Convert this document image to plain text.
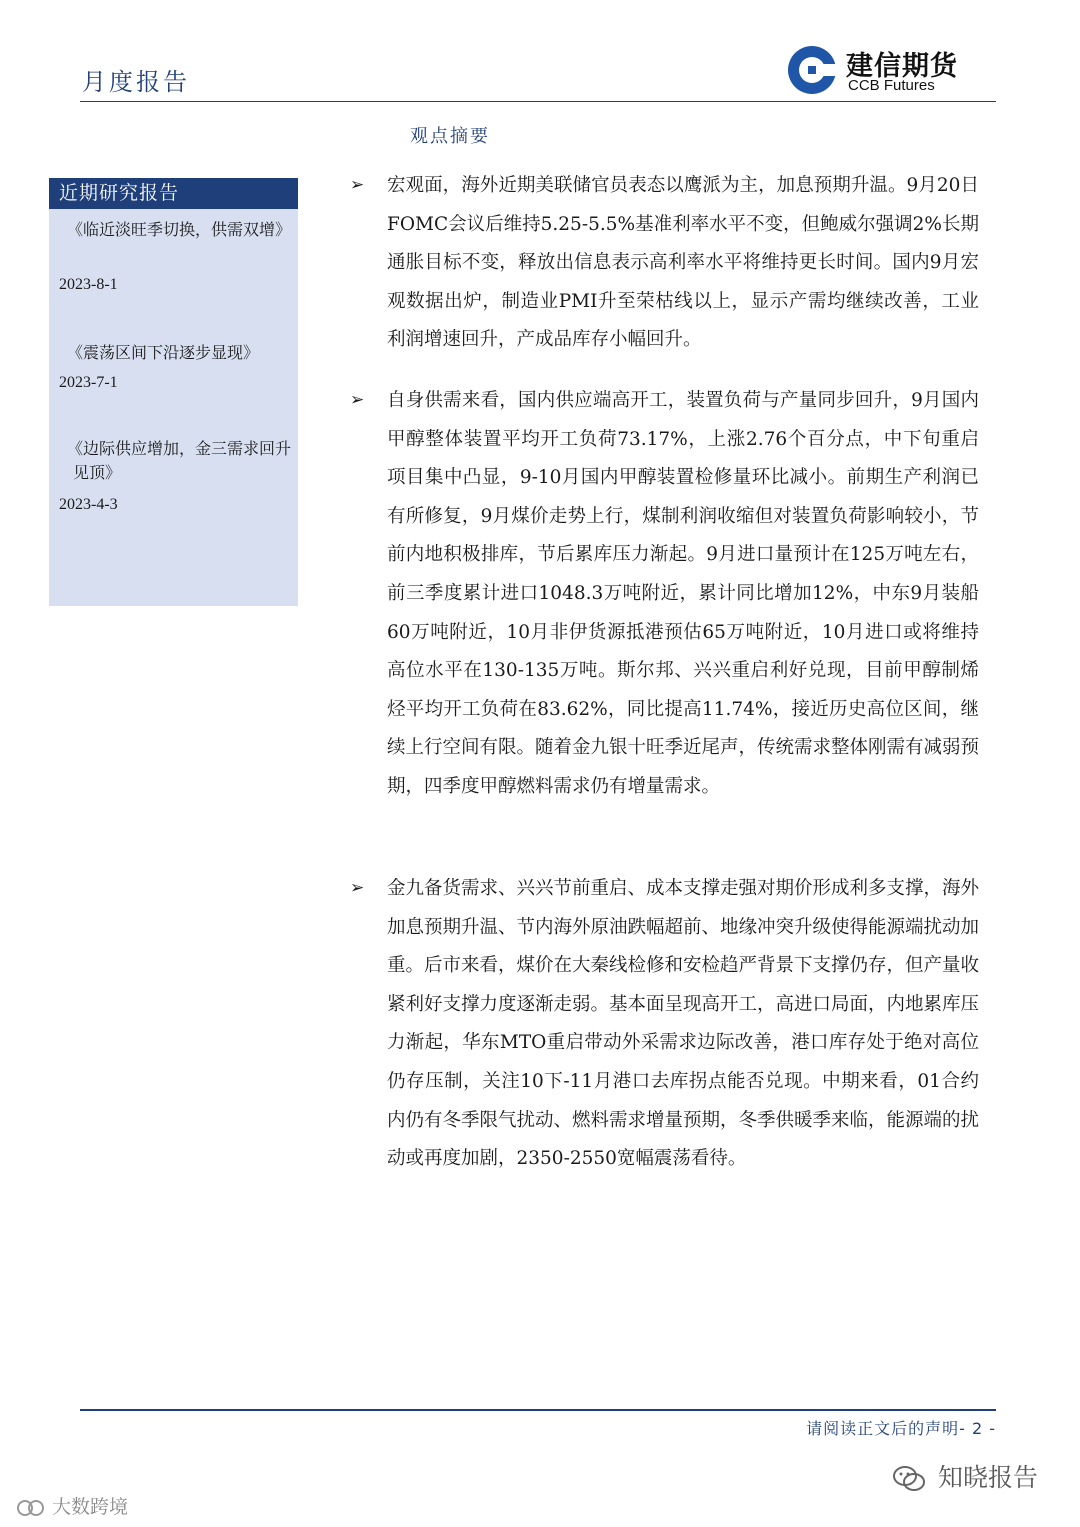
月度报告	建信期货
CCB Futures
观点摘要
近期研究报告
《临近淡旺季切换，供需双增》
2023-8-1
《震荡区间下沿逐步显现》
2023-7-1
《边际供应增加，金三需求回升见顶》
2023-4-3
➢ 宏观面，海外近期美联储官员表态以鹰派为主，加息预期升温。9月20日FOMC会议后维持5.25-5.5%基准利率水平不变，但鲍威尔强调2%长期通胀目标不变，释放出信息表示高利率水平将维持更长时间。国内9月宏观数据出炉，制造业PMI升至荣枯线以上，显示产需均继续改善，工业利润增速回升，产成品库存小幅回升。
➢ 自身供需来看，国内供应端高开工，装置负荷与产量同步回升，9月国内甲醇整体装置平均开工负荷73.17%，上涨2.76个百分点，中下旬重启项目集中凸显，9-10月国内甲醇装置检修量环比减小。前期生产利润已有所修复，9月煤价走势上行，煤制利润收缩但对装置负荷影响较小，节前内地积极排库，节后累库压力渐起。9月进口量预计在125万吨左右，前三季度累计进口1048.3万吨附近，累计同比增加12%，中东9月装船60万吨附近，10月非伊货源抵港预估65万吨附近，10月进口或将维持高位水平在130-135万吨。斯尔邦、兴兴重启利好兑现，目前甲醇制烯烃平均开工负荷在83.62%，同比提高11.74%，接近历史高位区间，继续上行空间有限。随着金九银十旺季近尾声，传统需求整体刚需有减弱预期，四季度甲醇燃料需求仍有增量需求。
➢ 金九备货需求、兴兴节前重启、成本支撑走强对期价形成利多支撑，海外加息预期升温、节内海外原油跌幅超前、地缘冲突升级使得能源端扰动加重。后市来看，煤价在大秦线检修和安检趋严背景下支撑仍存，但产量收紧利好支撑力度逐渐走弱。基本面呈现高开工，高进口局面，内地累库压力渐起，华东MTO重启带动外采需求边际改善，港口库存处于绝对高位仍存压制，关注10下-11月港口去库拐点能否兑现。中期来看，01合约内仍有冬季限气扰动、燃料需求增量预期，冬季供暖季来临，能源端的扰动或再度加剧，2350-2550宽幅震荡看待。
请阅读正文后的声明- 2 -
知晓报告
大数跨境
